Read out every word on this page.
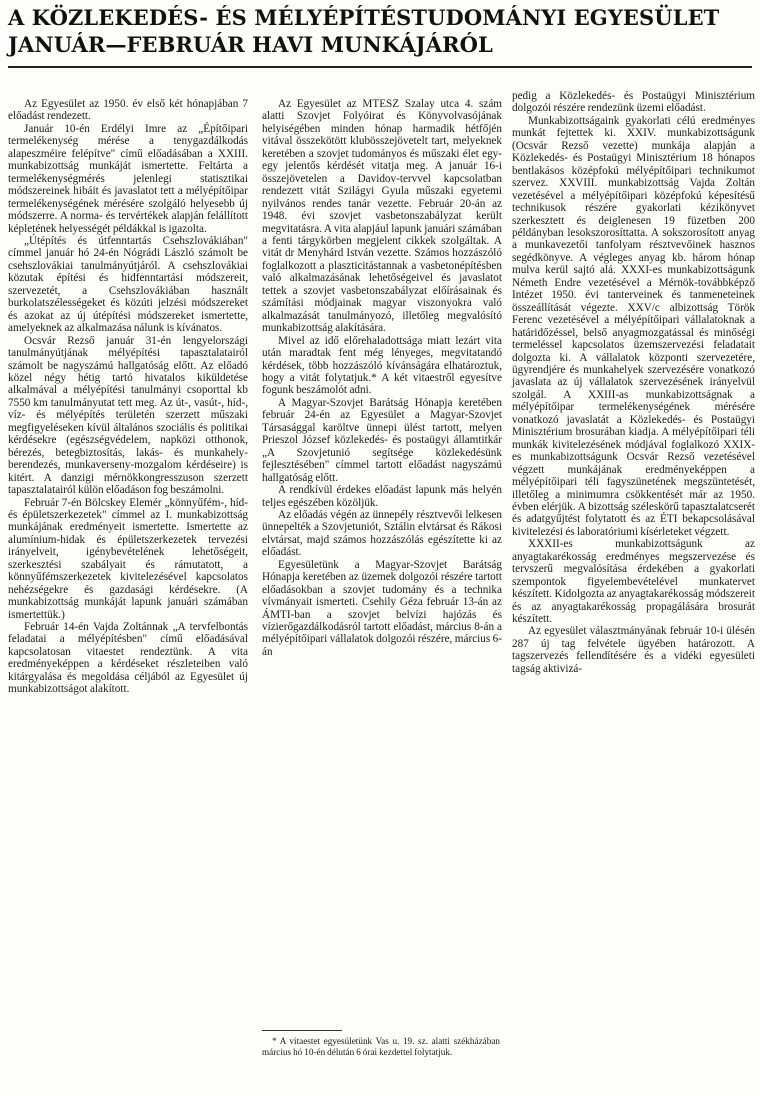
A KÖZLEKEDÉS- ÉS MÉLYÉPÍTÉSTUDOMÁNYI EGYESÜLET
JANUÁR—FEBRUÁR HAVI MUNKÁJÁRÓL

Az Egyesület az 1950. év első két hónapjában 7 előadást rendezett.

Január 10-én Erdélyi Imre az „Építőipari termelékenység mérése a tenygazdálkodás alapeszméire felépítve" című előadásában a XXIII. munkabizottság munkáját ismertette. Feltárta a termelékenységmérés jelenlegi statisztikai módszereinek hibáit és javaslatot tett a mélyépítőipar termelékenységének mérésére szolgáló helyesebb új módszerre. A norma- és tervértékek alapján felállított képletének helyességét példákkal is igazolta.

„Útépítés és útfenntartás Csehszlovákiában" címmel január hó 24-én Nógrádi László számolt be csehszlovákiai tanulmányútjáról. A csehszlovákiai közutak építési és hidfenntartási módszereit, szervezetét, a Csehszlovákiában használt burkolatszélességeket és közúti jelzési módszereket és azokat az új útépítési módszereket ismertette, amelyeknek az alkalmazása nálunk is kívánatos.

Ocsvár Rezső január 31-én lengyelországi tanulmányútjának mélyépítési tapasztalatairól számolt be nagyszámú hallgatóság előtt. Az előadó közel négy hétig tartó hivatalos kiküldetése alkalmával a mélyépítési tanulmányi csoporttal kb 7550 km tanulmányutat tett meg. Az út-, vasút-, híd-, víz- és mélyépítés területén szerzett műszaki megfigyeléseken kívül általános szociális és politikai kérdésekre (egészségvédelem, napközi otthonok, bérezés, betegbiztosítás, lakás- és munkahely-berendezés, munkaverseny-mozgalom kérdéseire) is kitért. A danzigi mérnökkongresszuson szerzett tapasztalatairól külön előadáson fog beszámolni.

Február 7-én Bölcskey Elemér „könnyűfém-, híd- és épületszerkezetek" címmel az I. munkabizottság munkájának eredményeit ismertette. Ismertette az alumínium-hidak és épületszerkezetek tervezési irányelveit, igénybevételének lehetőségeit, szerkesztési szabályait és rámutatott, a könnyűfémszerkezetek kivitelezésével kapcsolatos nehézségekre és gazdasági kérdésekre. (A munkabizottság munkáját lapunk januári számában ismertettük.)

Február 14-én Vajda Zoltánnak „A tervfelbontás feladatai a mélyépítésben" című előadásával kapcsolatosan vitaestet rendeztünk. A vita eredményeképpen a kérdéseket részleteiben való kitárgyalása és megoldása céljából az Egyesület új munkabizottságot alakított.

Az Egyesület az MTESZ Szalay utca 4. szám alatti Szovjet Folyóirat és Könyvolvasójának helyiségében minden hónap harmadik hétfőjén vitával összekötött klubösszejövetelt tart, melyeknek keretében a szovjet tudományos és műszaki élet egy-egy jelentős kérdését vitatja meg. A január 16-i összejövetelen a Davidov-tervvel kapcsolatban rendezett vitát Szilágyi Gyula műszaki egyetemi nyilvános rendes tanár vezette. Február 20-án az 1948. évi szovjet vasbetonszabályzat került megvitatásra. A vita alapjául lapunk januári számában a fenti tárgykörben megjelent cikkek szolgáltak. A vitát dr Menyhárd István vezette. Számos hozzászóló foglalkozott a plaszticitástannak a vasbetonépítésben való alkalmazásának lehetőségeivel és javaslatot tettek a szovjet vasbetonszabályzat előírásainak és számítási módjainak magyar viszonyokra való alkalmazását tanulmányozó, illetőleg megvalósító munkabizottság alakítására.

Mivel az idő előrehaladottsága miatt lezárt vita után maradtak fent még lényeges, megvitatandó kérdések, több hozzászóló kívánságára elhatároztuk, hogy a vitát folytatjuk.* A két vitaestről egyesítve fogunk beszámolót adni.

A Magyar-Szovjet Barátság Hónapja keretében február 24-én az Egyesület a Magyar-Szovjet Társasággal karöltve ünnepi ülést tartott, melyen Prieszol József közlekedés- és postaügyi államtitkár „A Szovjetunió segítsége közlekedésünk fejlesztésében" címmel tartott előadást nagyszámú hallgatóság előtt.

A rendkívül érdekes előadást lapunk más helyén teljes egészében közöljük.

Az előadás végén az ünnepély résztvevői lelkesen ünnepelték a Szovjetuniót, Sztálin elvtársat és Rákosi elvtársat, majd számos hozzászólás egészítette ki az előadást.

Egyesületünk a Magyar-Szovjet Barátság Hónapja keretében az üzemek dolgozói részére tartott előadásokban a szovjet tudomány és a technika vívmányait ismerteti. Csehily Géza február 13-án az ÁMTI-ban a szovjet belvízi hajózás és vízierőgazdálkodásról tartott előadást, március 8-án a mélyépítőipari vállalatok dolgozói részére, március 6-án

* A vitaestet egyesületünk Vas u. 19. sz. alatti székházában március hó 10-én délután 6 órai kezdettel folytatjuk.

pedig a Közlekedés- és Postaügyi Minisztérium dolgozói részére rendezünk üzemi előadást.

Munkabizottságaink gyakorlati célú eredményes munkát fejtettek ki. XXIV. munkabizottságunk (Ocsvár Rezső vezette) munkája alapján a Közlekedés- és Postaügyi Minisztérium 18 hónapos bentlakásos középfokú mélyépítőipari technikumot szervez. XXVIII. munkabizottság Vajda Zoltán vezetésével a mélyépítőipari középfokú képesítésű technikusok részére gyakorlati kézikönyvet szerkesztett és deiglenesen 19 füzetben 200 példányban lesokszorosíttatta. A sokszorosított anyag a munkavezetői tanfolyam résztvevőinek hasznos segédkönyve. A végleges anyag kb. három hónap mulva kerül sajtó alá. XXXI-es munkabizottságunk Németh Endre vezetésével a Mérnök-továbbképző Intézet 1950. évi tanterveinek és tanmeneteinek összeállítását végezte. XXV/c albizottság Török Ferenc vezetésével a mélyépítőipari vállalatoknak a határidőzéssel, belső anyagmozgatással és minőségi termeléssel kapcsolatos üzemszervezési feladatait dolgozta ki. A vállalatok központi szervezetére, ügyrendjére és munkahelyek szervezésére vonatkozó javaslata az új vállalatok szervezésének irányelvül szolgál. A XXIII-as munkabizottságnak a mélyépítőipar termelékenységének mérésére vonatkozó javaslatát a Közlekedés- és Postaügyi Minisztérium brosurában kiadja. A mélyépítőipari téli munkák kivitelezésének módjával foglalkozó XXIX-es munkabizottságunk Ocsvár Rezső vezetésével végzett munkájának eredményeképpen a mélyépítőipari téli fagyszünetének megszüntetését, illetőleg a minimumra csökkentését már az 1950. évben elérjük. A bizottság széleskörű tapasztalatcserét és adatgyűjtést folytatott és az ÉTI bekapcsolásával kivitelezési és laboratóriumi kísérleteket végzett.

XXXII-es munkabizottságunk az anyagtakarékosság eredményes megszervezése és tervszerű megvalósítása érdekében a gyakorlati szempontok figyelembevételével munkatervet készített. Kidolgozta az anyagtakarékosság módszereit és az anyagtakarékosság propagálására brosurát készített.

Az egyesület választmányának február 10-i ülésén 287 új tag felvétele ügyében határozott. A tagszervezés fellendítésére és a vidéki egyesületi tagság aktivizá-
